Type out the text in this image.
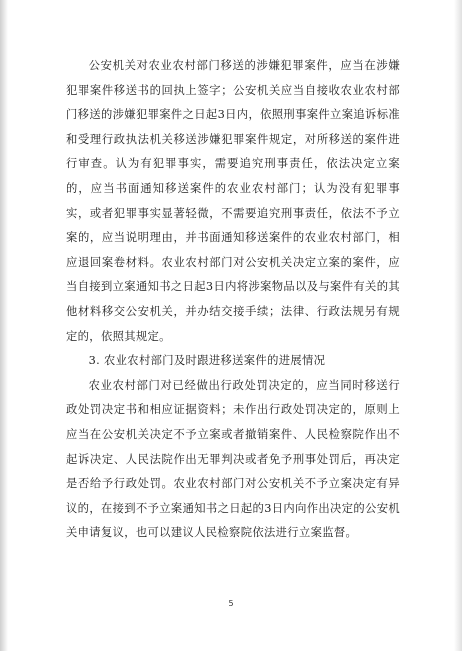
公安机关对农业农村部门移送的涉嫌犯罪案件，应当在涉嫌犯罪案件移送书的回执上签字；公安机关应当自接收农业农村部门移送的涉嫌犯罪案件之日起3日内，依照刑事案件立案追诉标准和受理行政执法机关移送涉嫌犯罪案件规定，对所移送的案件进行审查。认为有犯罪事实，需要追究刑事责任，依法决定立案的，应当书面通知移送案件的农业农村部门；认为没有犯罪事实，或者犯罪事实显著轻微，不需要追究刑事责任，依法不予立案的，应当说明理由，并书面通知移送案件的农业农村部门，相应退回案卷材料。农业农村部门对公安机关决定立案的案件，应当自接到立案通知书之日起3日内将涉案物品以及与案件有关的其他材料移交公安机关，并办结交接手续；法律、行政法规另有规定的，依照其规定。

3. 农业农村部门及时跟进移送案件的进展情况

农业农村部门对已经做出行政处罚决定的，应当同时移送行政处罚决定书和相应证据资料；未作出行政处罚决定的，原则上应当在公安机关决定不予立案或者撤销案件、人民检察院作出不起诉决定、人民法院作出无罪判决或者免予刑事处罚后，再决定是否给予行政处罚。农业农村部门对公安机关不予立案决定有异议的，在接到不予立案通知书之日起的3日内向作出决定的公安机关申请复议，也可以建议人民检察院依法进行立案监督。

5
